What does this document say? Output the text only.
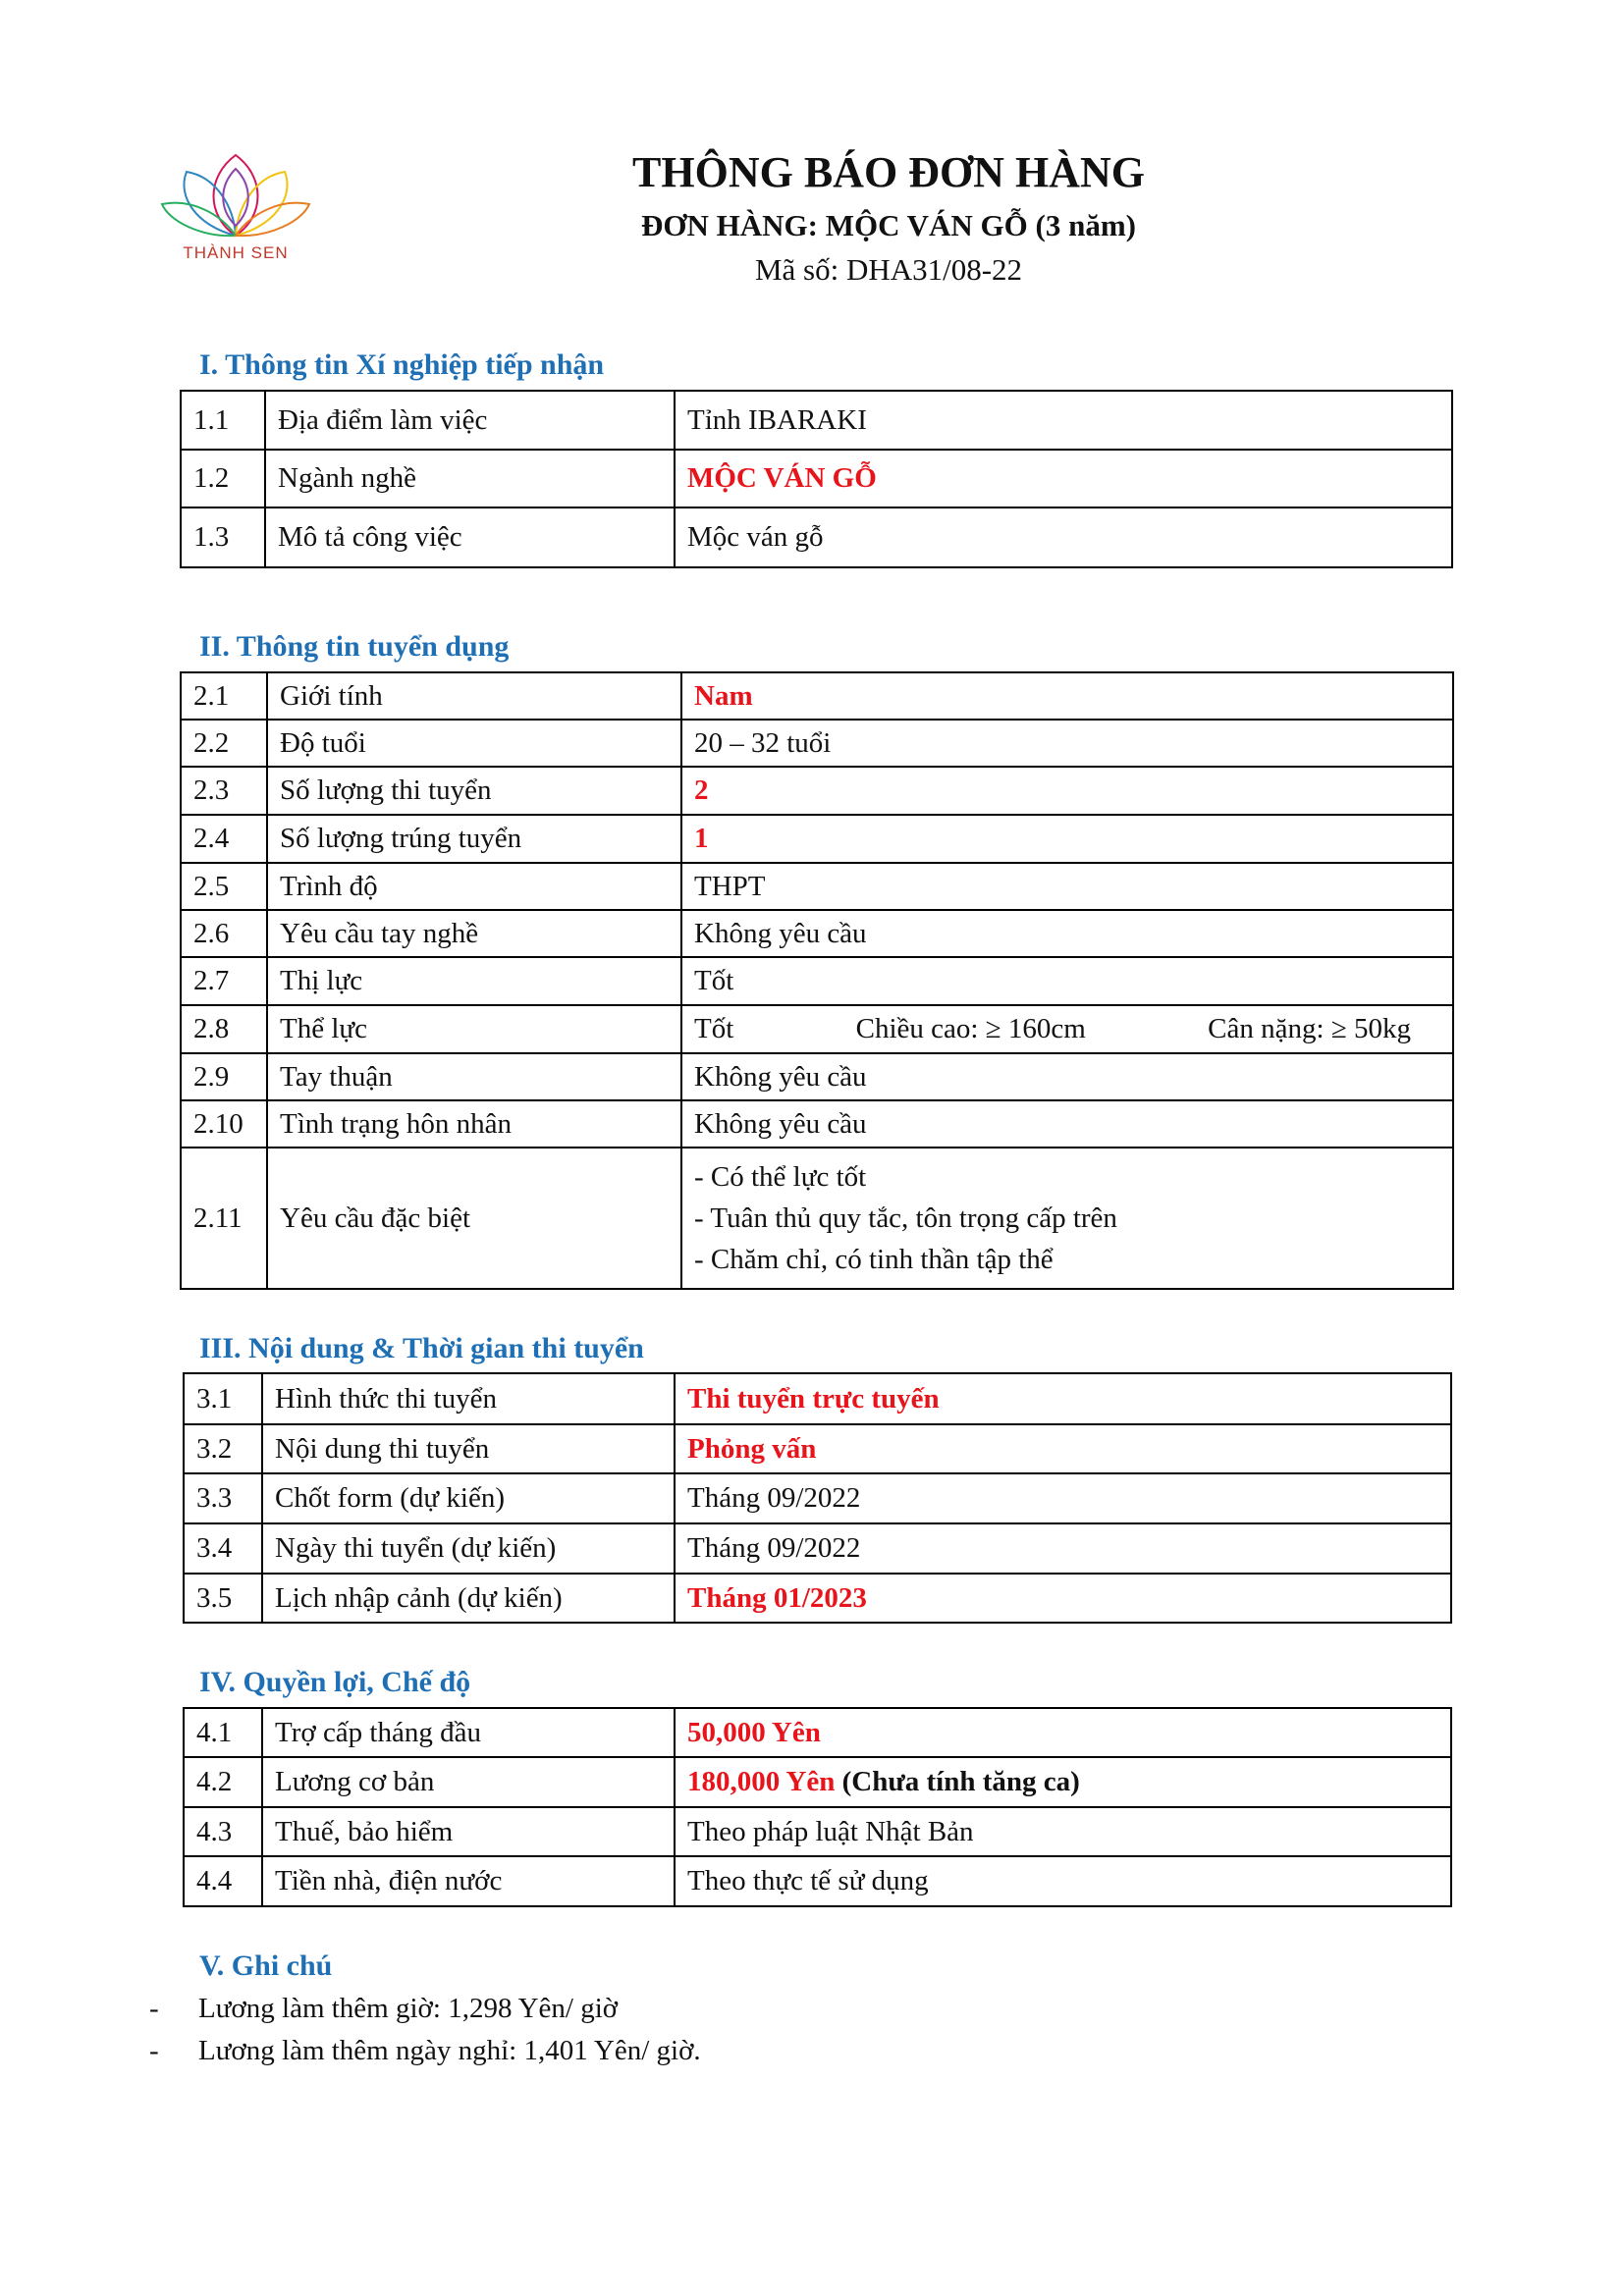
THÀNH SEN
THÔNG BÁO ĐƠN HÀNG
ĐƠN HÀNG: MỘC VÁN GỖ (3 năm)
Mã số: DHA31/08-22
I. Thông tin Xí nghiệp tiếp nhận
1.1	Địa điểm làm việc	Tỉnh IBARAKI
1.2	Ngành nghề	MỘC VÁN GỖ
1.3	Mô tả công việc	Mộc ván gỗ
II. Thông tin tuyển dụng
2.1	Giới tính	Nam
2.2	Độ tuổi	20 – 32 tuổi
2.3	Số lượng thi tuyển	2
2.4	Số lượng trúng tuyển	1
2.5	Trình độ	THPT
2.6	Yêu cầu tay nghề	Không yêu cầu
2.7	Thị lực	Tốt
2.8	Thể lực	Tốt Chiều cao: ≥ 160cm Cân nặng: ≥ 50kg

2.9	Tay thuận	Không yêu cầu
2.10	Tình trạng hôn nhân	Không yêu cầu
2.11	Yêu cầu đặc biệt	- Có thể lực tốt
- Tuân thủ quy tắc, tôn trọng cấp trên
- Chăm chỉ, có tinh thần tập thể
III. Nội dung & Thời gian thi tuyển
3.1	Hình thức thi tuyển	Thi tuyển trực tuyến
3.2	Nội dung thi tuyển	Phỏng vấn
3.3	Chốt form (dự kiến)	Tháng 09/2022
3.4	Ngày thi tuyển (dự kiến)	Tháng 09/2022
3.5	Lịch nhập cảnh (dự kiến)	Tháng 01/2023
IV. Quyền lợi, Chế độ
4.1	Trợ cấp tháng đầu	50,000 Yên
4.2	Lương cơ bản	180,000 Yên (Chưa tính tăng ca)
4.3	Thuế, bảo hiểm	Theo pháp luật Nhật Bản
4.4	Tiền nhà, điện nước	Theo thực tế sử dụng
V. Ghi chú
- Lương làm thêm giờ: 1,298 Yên/ giờ
- Lương làm thêm ngày nghỉ: 1,401 Yên/ giờ.
